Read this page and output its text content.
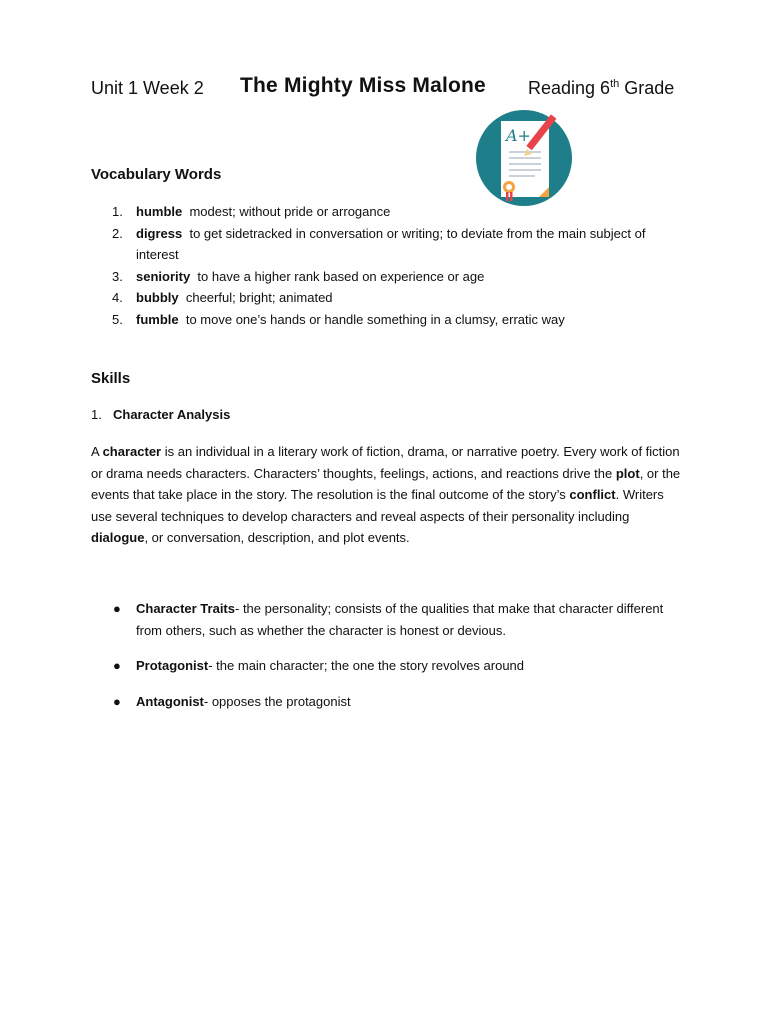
Unit 1 Week 2 The Mighty Miss Malone Reading 6th Grade
A+
Vocabulary Words
1. humble  modest; without pride or arrogance
2. digress  to get sidetracked in conversation or writing; to deviate from the main subject of interest
3. seniority  to have a higher rank based on experience or age
4. bubbly  cheerful; bright; animated
5. fumble  to move one’s hands or handle something in a clumsy, erratic way
Skills
1. Character Analysis

A character is an individual in a literary work of fiction, drama, or narrative poetry. Every work of fiction or drama needs characters. Characters’ thoughts, feelings, actions, and reactions drive the plot, or the events that take place in the story. The resolution is the final outcome of the story’s conflict. Writers use several techniques to develop characters and reveal aspects of their personality including dialogue, or conversation, description, and plot events.

● Character Traits- the personality; consists of the qualities that make that character different from others, such as whether the character is honest or devious.
● Protagonist- the main character; the one the story revolves around
● Antagonist- opposes the protagonist
